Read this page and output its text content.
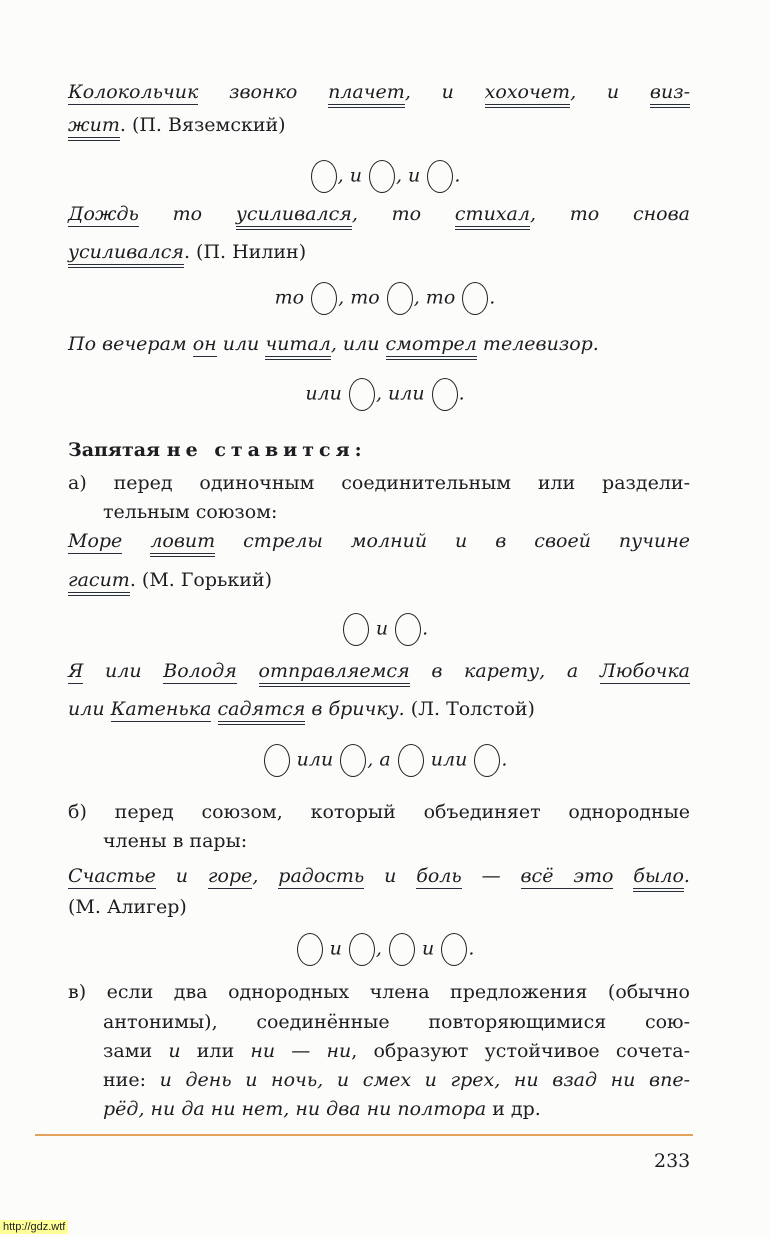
Колокольчик звонко плачет, и хохочет, и виз-
жит. (П. Вяземский)
, и , и .
Дождь то усиливался, то стихал, то снова
усиливался. (П. Нилин)
то , то , то .
По вечерам он или читал, или смотрел телевизор.
или , или .
Запятая не ставится:
а) перед одиночным соединительным или раздели-
тельным союзом:
Море ловит стрелы молний и в своей пучине
гасит. (М. Горький)
и .
Я или Володя отправляемся в карету, а Любочка
или Катенька садятся в бричку. (Л. Толстой)
или , а  или .
б) перед союзом, который объединяет однородные
члены в пары:
Счастье и горе, радость и боль — всё это было.
(М. Алигер)
и ,  и .
в) если два однородных члена предложения (обычно
антонимы), соединённые повторяющимися сою-
зами и или ни — ни, образуют устойчивое сочета-
ние: и день и ночь, и смех и грех, ни взад ни впе-
рёд, ни да ни нет, ни два ни полтора и др.
233
http://gdz.wtf
